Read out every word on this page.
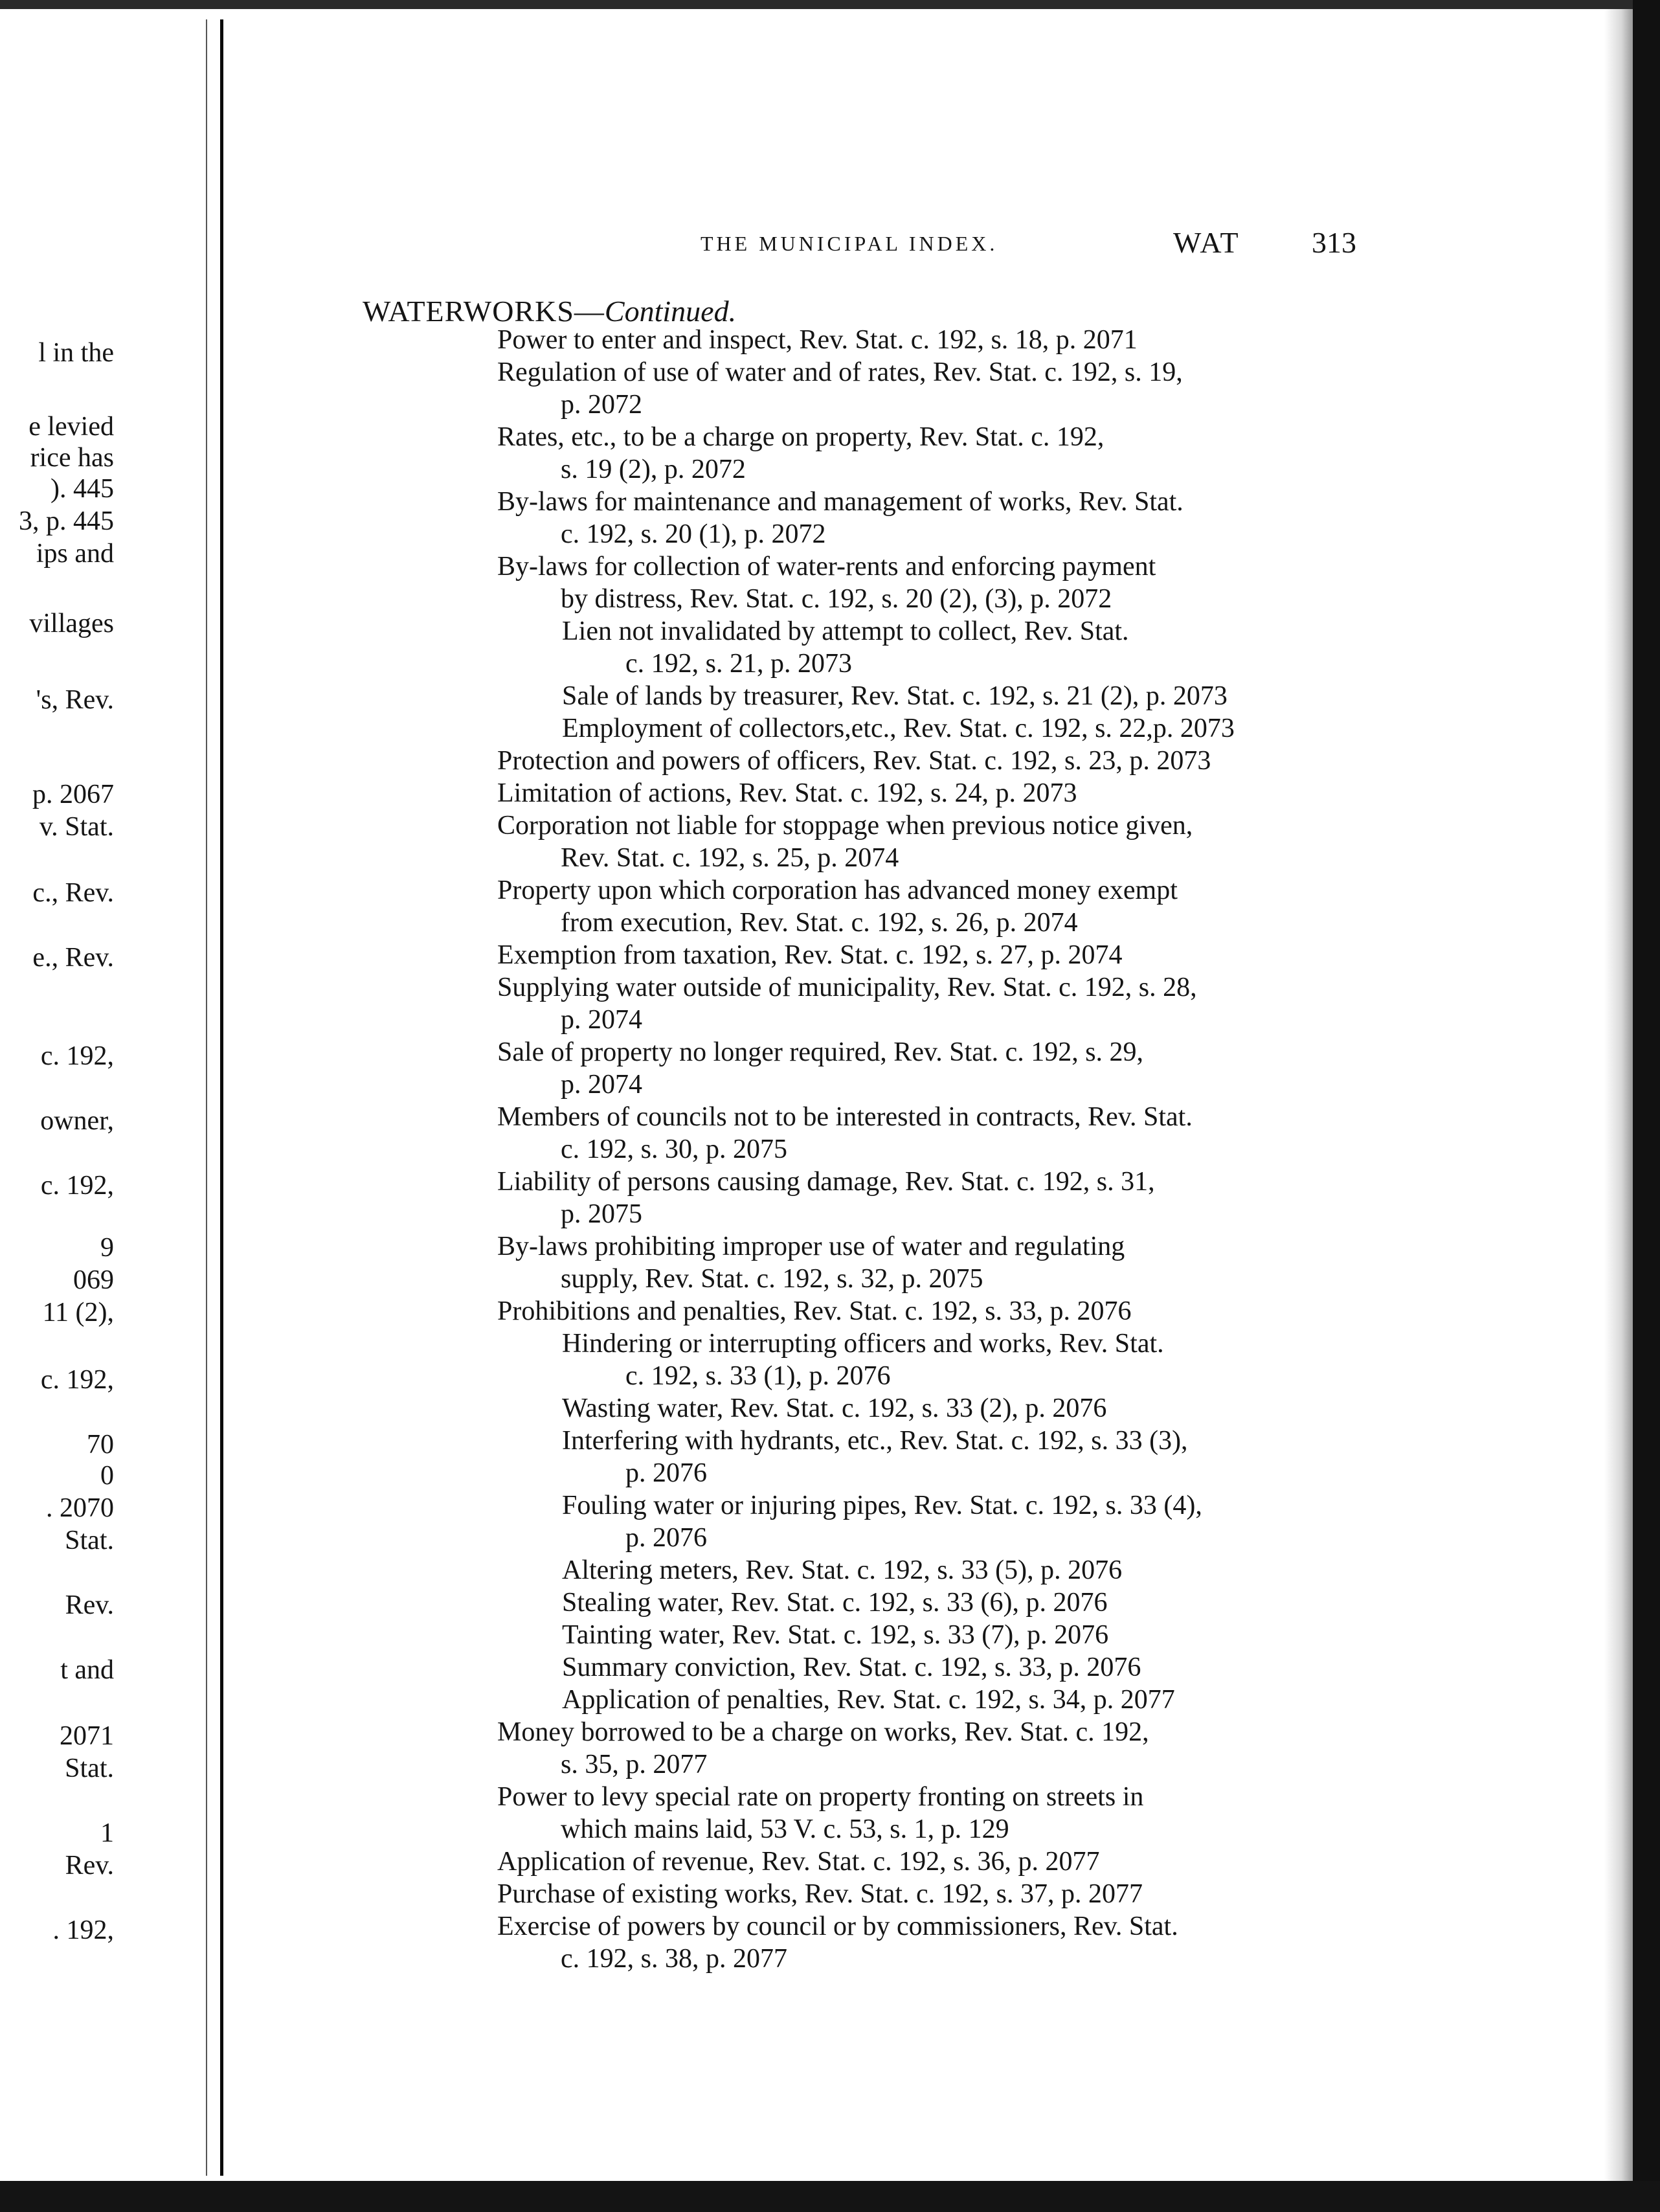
l in the
e levied
rice has
). 445
3, p. 445
ips and
villages
's, Rev.
p. 2067
v. Stat.
c., Rev.
e., Rev.
c. 192,
owner,
c. 192,
9
069
11 (2),
c. 192,
70
0
. 2070
Stat.
Rev.
t and
2071
Stat.
1
Rev.
. 192,
THE MUNICIPAL INDEX.	WAT 313
WATERWORKS—Continued.
Power to enter and inspect, Rev. Stat. c. 192, s. 18, p. 2071
Regulation of use of water and of rates, Rev. Stat. c. 192, s. 19,
p. 2072
Rates, etc., to be a charge on property, Rev. Stat. c. 192,
s. 19 (2), p. 2072
By-laws for maintenance and management of works, Rev. Stat.
c. 192, s. 20 (1), p. 2072
By-laws for collection of water-rents and enforcing payment
by distress, Rev. Stat. c. 192, s. 20 (2), (3), p. 2072
Lien not invalidated by attempt to collect, Rev. Stat.
c. 192, s. 21, p. 2073
Sale of lands by treasurer, Rev. Stat. c. 192, s. 21 (2), p. 2073
Employment of collectors,etc., Rev. Stat. c. 192, s. 22,p. 2073
Protection and powers of officers, Rev. Stat. c. 192, s. 23, p. 2073
Limitation of actions, Rev. Stat. c. 192, s. 24, p. 2073
Corporation not liable for stoppage when previous notice given,
Rev. Stat. c. 192, s. 25, p. 2074
Property upon which corporation has advanced money exempt
from execution, Rev. Stat. c. 192, s. 26, p. 2074
Exemption from taxation, Rev. Stat. c. 192, s. 27, p. 2074
Supplying water outside of municipality, Rev. Stat. c. 192, s. 28,
p. 2074
Sale of property no longer required, Rev. Stat. c. 192, s. 29,
p. 2074
Members of councils not to be interested in contracts, Rev. Stat.
c. 192, s. 30, p. 2075
Liability of persons causing damage, Rev. Stat. c. 192, s. 31,
p. 2075
By-laws prohibiting improper use of water and regulating
supply, Rev. Stat. c. 192, s. 32, p. 2075
Prohibitions and penalties, Rev. Stat. c. 192, s. 33, p. 2076
Hindering or interrupting officers and works, Rev. Stat.
c. 192, s. 33 (1), p. 2076
Wasting water, Rev. Stat. c. 192, s. 33 (2), p. 2076
Interfering with hydrants, etc., Rev. Stat. c. 192, s. 33 (3),
p. 2076
Fouling water or injuring pipes, Rev. Stat. c. 192, s. 33 (4),
p. 2076
Altering meters, Rev. Stat. c. 192, s. 33 (5), p. 2076
Stealing water, Rev. Stat. c. 192, s. 33 (6), p. 2076
Tainting water, Rev. Stat. c. 192, s. 33 (7), p. 2076
Summary conviction, Rev. Stat. c. 192, s. 33, p. 2076
Application of penalties, Rev. Stat. c. 192, s. 34, p. 2077
Money borrowed to be a charge on works, Rev. Stat. c. 192,
s. 35, p. 2077
Power to levy special rate on property fronting on streets in
which mains laid, 53 V. c. 53, s. 1, p. 129
Application of revenue, Rev. Stat. c. 192, s. 36, p. 2077
Purchase of existing works, Rev. Stat. c. 192, s. 37, p. 2077
Exercise of powers by council or by commissioners, Rev. Stat.
c. 192, s. 38, p. 2077
